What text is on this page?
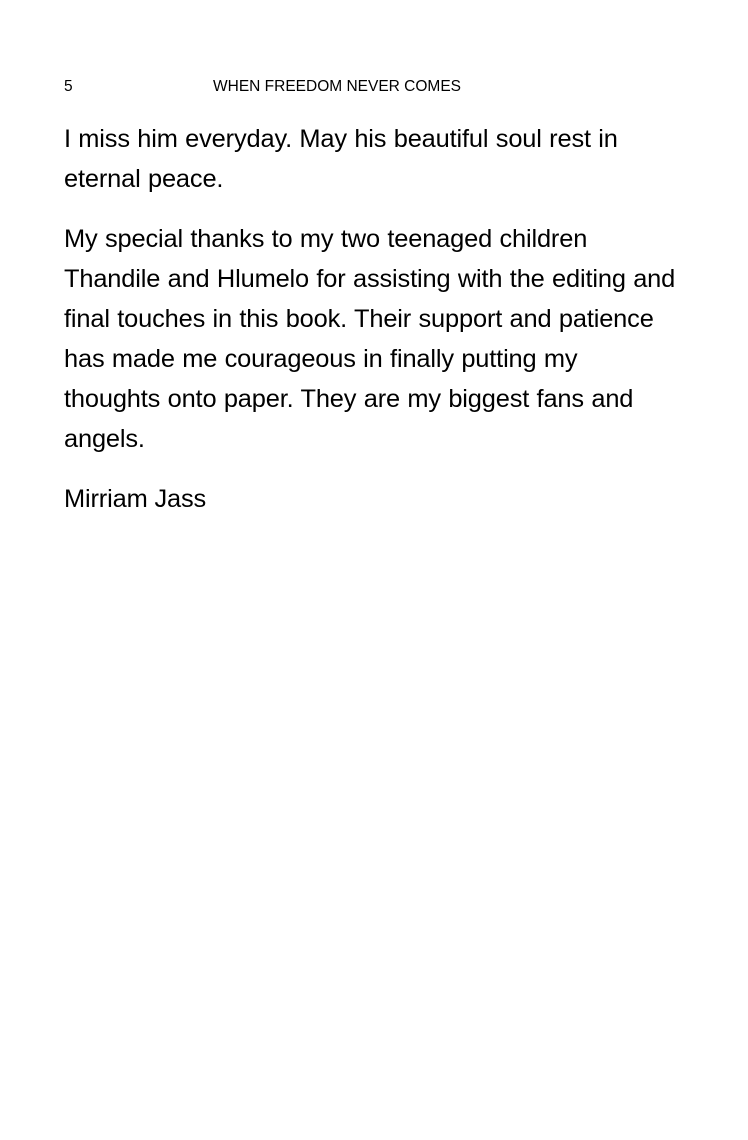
5	WHEN FREEDOM NEVER COMES

I miss him everyday. May his beautiful soul rest in eternal peace.

My special thanks to my two teenaged children Thandile and Hlumelo for assisting with the editing and final touches in this book. Their support and patience has made me courageous in finally putting my thoughts onto paper. They are my biggest fans and angels.

Mirriam Jass
